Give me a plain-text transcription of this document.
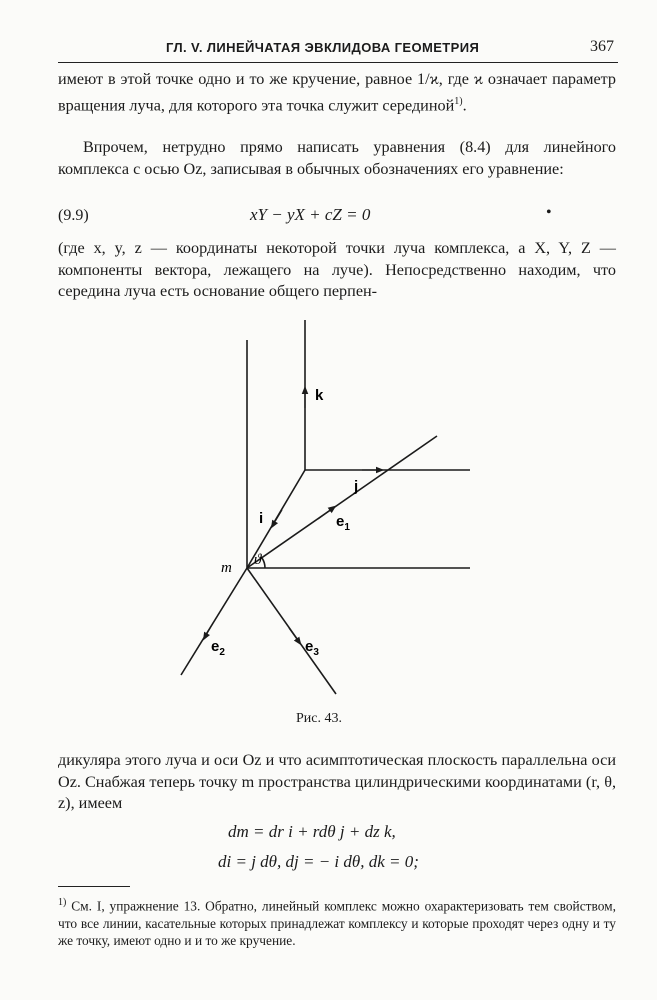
ГЛ. V. ЛИНЕЙЧАТАЯ ЭВКЛИДОВА ГЕОМЕТРИЯ	367
имеют в этой точке одно и то же кручение, равное 1/ϰ, где ϰ означает параметр вращения луча, для которого эта точка служит серединой$^{1)}$.
Впрочем, нетрудно прямо написать уравнения (8.4) для линейного комплекса с осью Oz, записывая в обычных обозначениях его уравнение:
(9.9)	xY − yX + cZ = 0	•
(где x, y, z — координаты некоторой точки луча комплекса, а X, Y, Z — компоненты вектора, лежащего на луче). Непосредственно находим, что середина луча есть основание общего перпен-
k
j
i	$e_1$
$e_2$	$e_3$
m ϑ
Рис. 43.
дикуляра этого луча и оси Oz и что асимптотическая плоскость параллельна оси Oz. Снабжая теперь точку m пространства цилиндрическими координатами (r, θ, z), имеем
dm = dr i + rdθ j + dz k,
di = j dθ, dj = − i dθ, dk = 0;
$^{1)}$ См. I, упражнение 13. Обратно, линейный комплекс можно охарактеризовать тем свойством, что все линии, касательные которых принадлежат комплексу и которые проходят через одну и ту же точку, имеют одно и и то же кручение.
